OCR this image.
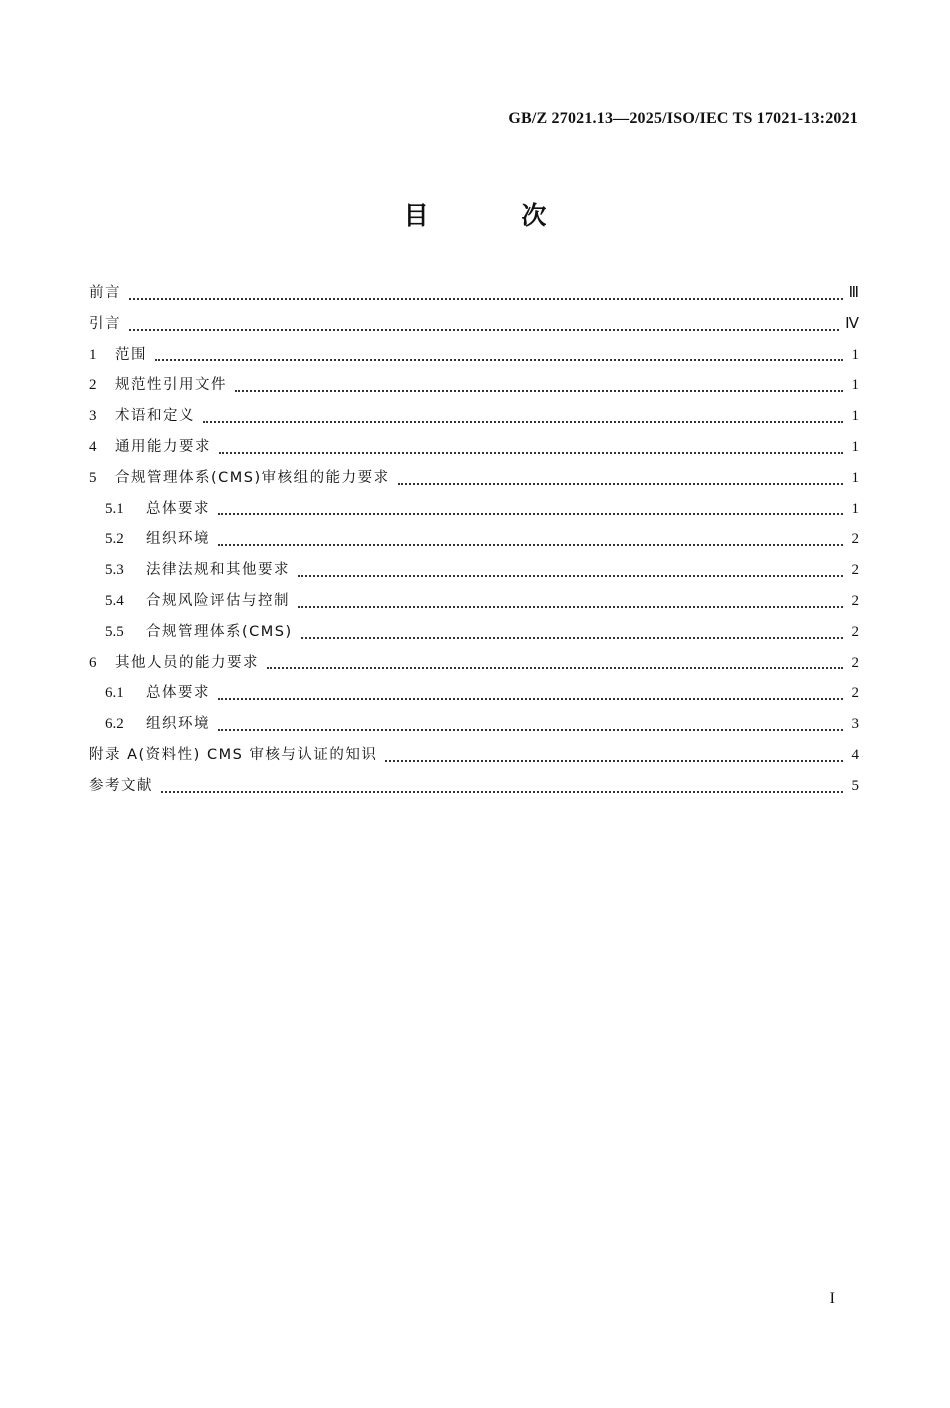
GB/Z 27021.13—2025/ISO/IEC TS 17021-13:2021
目 次
前言	Ⅲ
引言	Ⅳ
1	范围	1
2	规范性引用文件	1
3	术语和定义	1
4	通用能力要求	1
5	合规管理体系(CMS)审核组的能力要求	1
5.1	总体要求	1
5.2	组织环境	2
5.3	法律法规和其他要求	2
5.4	合规风险评估与控制	2
5.5	合规管理体系(CMS)	2
6	其他人员的能力要求	2
6.1	总体要求	2
6.2	组织环境	3
附录 A(资料性) CMS 审核与认证的知识	4
参考文献	5
I
